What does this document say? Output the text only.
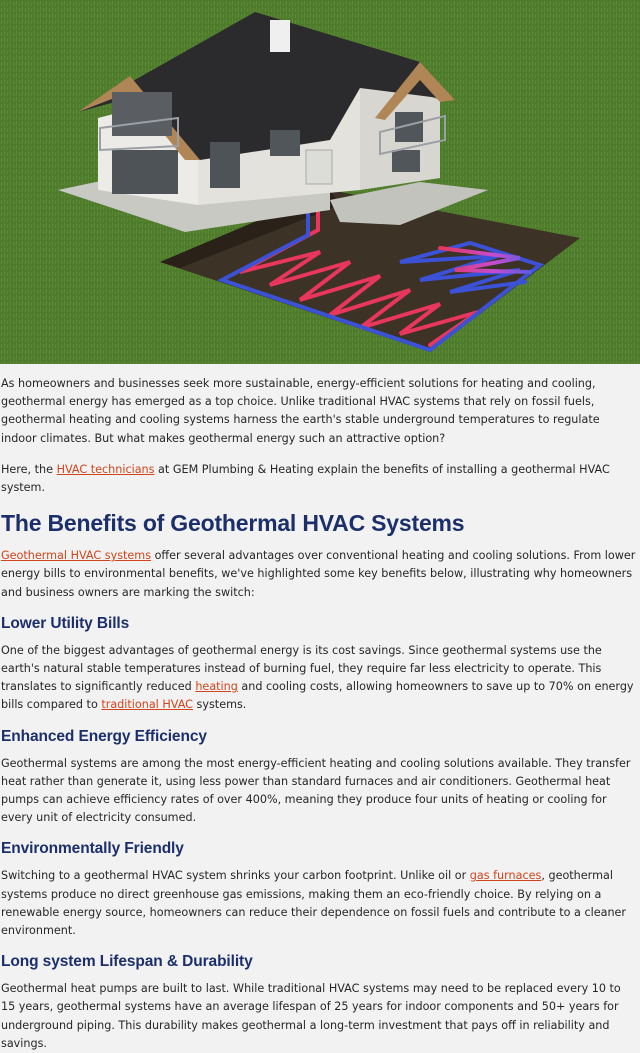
As homeowners and businesses seek more sustainable, energy-efficient solutions for heating and cooling, geothermal energy has emerged as a top choice. Unlike traditional HVAC systems that rely on fossil fuels, geothermal heating and cooling systems harness the earth's stable underground temperatures to regulate indoor climates. But what makes geothermal energy such an attractive option?

Here, the HVAC technicians at GEM Plumbing & Heating explain the benefits of installing a geothermal HVAC system.

The Benefits of Geothermal HVAC Systems

Geothermal HVAC systems offer several advantages over conventional heating and cooling solutions. From lower energy bills to environmental benefits, we've highlighted some key benefits below, illustrating why homeowners and business owners are marking the switch:

Lower Utility Bills

One of the biggest advantages of geothermal energy is its cost savings. Since geothermal systems use the earth's natural stable temperatures instead of burning fuel, they require far less electricity to operate. This translates to significantly reduced heating and cooling costs, allowing homeowners to save up to 70% on energy bills compared to traditional HVAC systems.

Enhanced Energy Efficiency

Geothermal systems are among the most energy-efficient heating and cooling solutions available. They transfer heat rather than generate it, using less power than standard furnaces and air conditioners. Geothermal heat pumps can achieve efficiency rates of over 400%, meaning they produce four units of heating or cooling for every unit of electricity consumed.

Environmentally Friendly

Switching to a geothermal HVAC system shrinks your carbon footprint. Unlike oil or gas furnaces, geothermal systems produce no direct greenhouse gas emissions, making them an eco-friendly choice. By relying on a renewable energy source, homeowners can reduce their dependence on fossil fuels and contribute to a cleaner environment.

Long system Lifespan & Durability

Geothermal heat pumps are built to last. While traditional HVAC systems may need to be replaced every 10 to 15 years, geothermal systems have an average lifespan of 25 years for indoor components and 50+ years for underground piping. This durability makes geothermal a long-term investment that pays off in reliability and savings.
